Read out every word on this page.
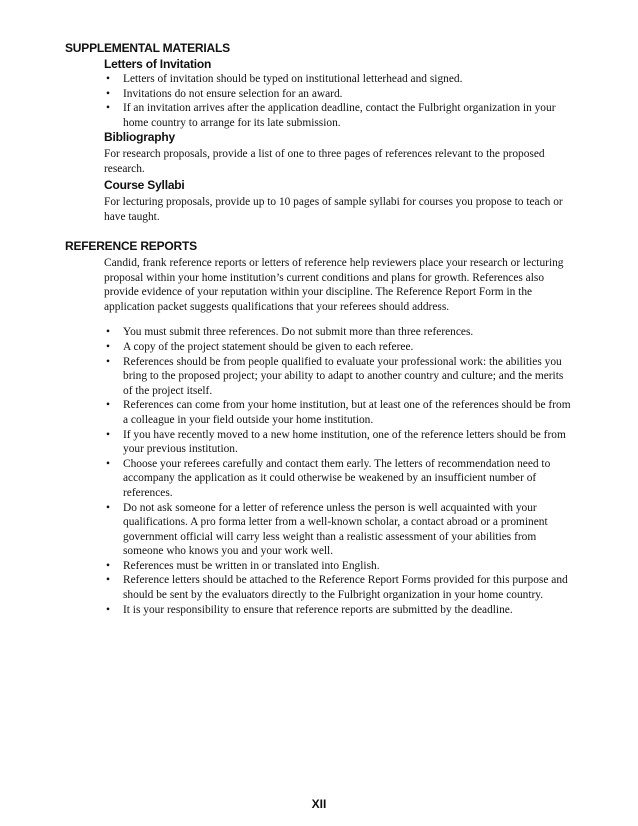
SUPPLEMENTAL MATERIALS
Letters of Invitation
• Letters of invitation should be typed on institutional letterhead and signed.
• Invitations do not ensure selection for an award.
• If an invitation arrives after the application deadline, contact the Fulbright organization in your home country to arrange for its late submission.
Bibliography

For research proposals, provide a list of one to three pages of references relevant to the proposed research.

Course Syllabi

For lecturing proposals, provide up to 10 pages of sample syllabi for courses you propose to teach or have taught.

REFERENCE REPORTS

Candid, frank reference reports or letters of reference help reviewers place your research or lecturing proposal within your home institution’s current conditions and plans for growth. References also provide evidence of your reputation within your discipline. The Reference Report Form in the application packet suggests qualifications that your referees should address.

• You must submit three references. Do not submit more than three references.
• A copy of the project statement should be given to each referee.
• References should be from people qualified to evaluate your professional work: the abilities you bring to the proposed project; your ability to adapt to another country and culture; and the merits of the project itself.
• References can come from your home institution, but at least one of the references should be from a colleague in your field outside your home institution.
• If you have recently moved to a new home institution, one of the reference letters should be from your previous institution.
• Choose your referees carefully and contact them early. The letters of recommendation need to accompany the application as it could otherwise be weakened by an insufficient number of references.
• Do not ask someone for a letter of reference unless the person is well acquainted with your qualifications. A pro forma letter from a well-known scholar, a contact abroad or a prominent government official will carry less weight than a realistic assessment of your abilities from someone who knows you and your work well.
• References must be written in or translated into English.
• Reference letters should be attached to the Reference Report Forms provided for this purpose and should be sent by the evaluators directly to the Fulbright organization in your home country.
• It is your responsibility to ensure that reference reports are submitted by the deadline.
XII
